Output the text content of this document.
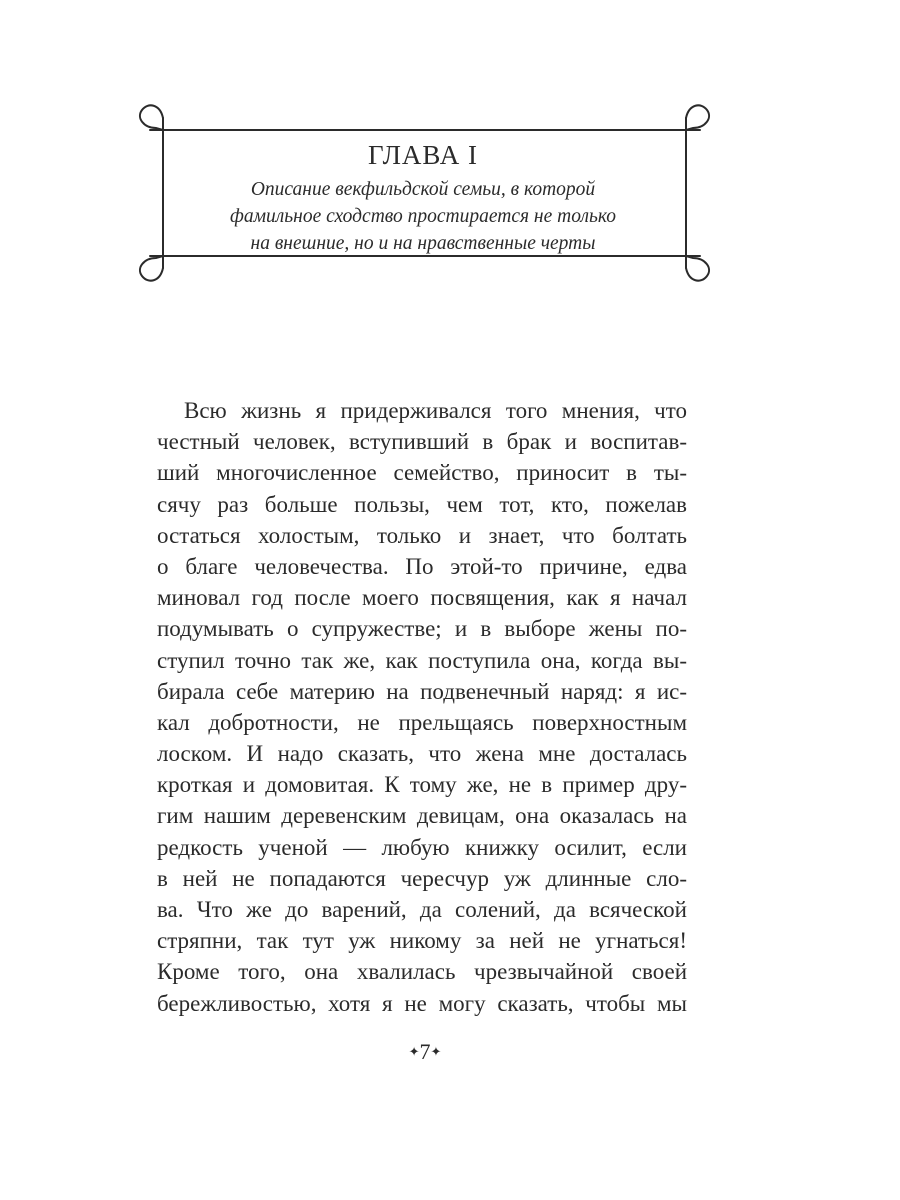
ГЛАВА I
Описание векфильдской семьи, в которой
фамильное сходство простирается не только
на внешние, но и на нравственные черты
Всю жизнь я придерживался того мнения, что
честный человек, вступивший в брак и воспитав-
ший многочисленное семейство, приносит в ты-
сячу раз больше пользы, чем тот, кто, пожелав
остаться холостым, только и знает, что болтать
о благе человечества. По этой-то причине, едва
миновал год после моего посвящения, как я начал
подумывать о супружестве; и в выборе жены по-
ступил точно так же, как поступила она, когда вы-
бирала себе материю на подвенечный наряд: я ис-
кал добротности, не прельщаясь поверхностным
лоском. И надо сказать, что жена мне досталась
кроткая и домовитая. К тому же, не в пример дру-
гим нашим деревенским девицам, она оказалась на
редкость ученой — любую книжку осилит, если
в ней не попадаются чересчур уж длинные сло-
ва. Что же до варений, да солений, да всяческой
стряпни, так тут уж никому за ней не угнаться!
Кроме того, она хвалилась чрезвычайной своей
бережливостью, хотя я не могу сказать, чтобы мы
✦7✦
